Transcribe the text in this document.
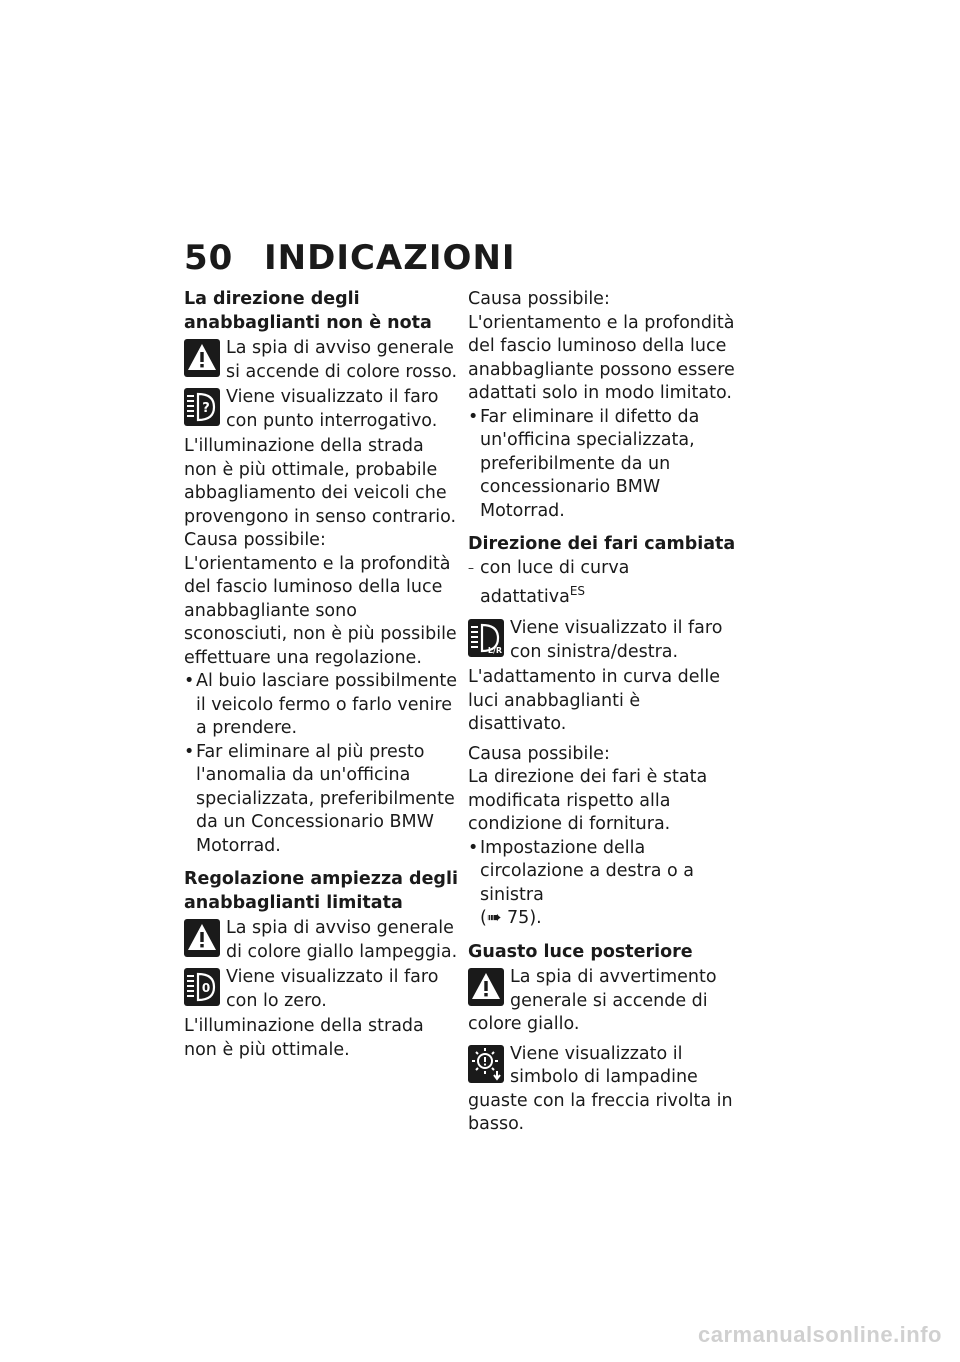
50 INDICAZIONI

La direzione degli anabbaglianti non è nota

La spia di avviso generale si accende di colore rosso.
?
Viene visualizzato il faro con punto interrogativo.

L'illuminazione della strada non è più ottimale, probabile abbagliamento dei veicoli che provengono in senso contrario.

Causa possibile:

L'orientamento e la profondità del fascio luminoso della luce anabbagliante sono sconosciuti, non è più possibile effettuare una regolazione.

• Al buio lasciare possibilmente il veicolo fermo o farlo venire a prendere.
• Far eliminare al più presto l'anomalia da un'officina specializzata, preferibilmente da un Concessionario BMW Motorrad.

Regolazione ampiezza degli anabbaglianti limitata

La spia di avviso generale di colore giallo lampeggia.
0
Viene visualizzato il faro con lo zero.

L'illuminazione della strada non è più ottimale.

Causa possibile:

L'orientamento e la profondità del fascio luminoso della luce anabbagliante possono essere adattati solo in modo limitato.

• Far eliminare il difetto da un'officina specializzata, preferibilmente da un concessionario BMW Motorrad.

Direzione dei fari cambiata

– con luce di curva adattativa$^{ES}$
L/R
Viene visualizzato il faro con sinistra/destra.

L'adattamento in curva delle luci anabbaglianti è disattivato.

Causa possibile:

La direzione dei fari è stata modificata rispetto alla condizione di fornitura.

• Impostazione della circolazione a destra o a sinistra
(➠ 75).

Guasto luce posteriore

La spia di avvertimento generale si accende di colore giallo.
Viene visualizzato il simbolo di lampadine guaste con la freccia rivolta in basso.
carmanualsonline.info
